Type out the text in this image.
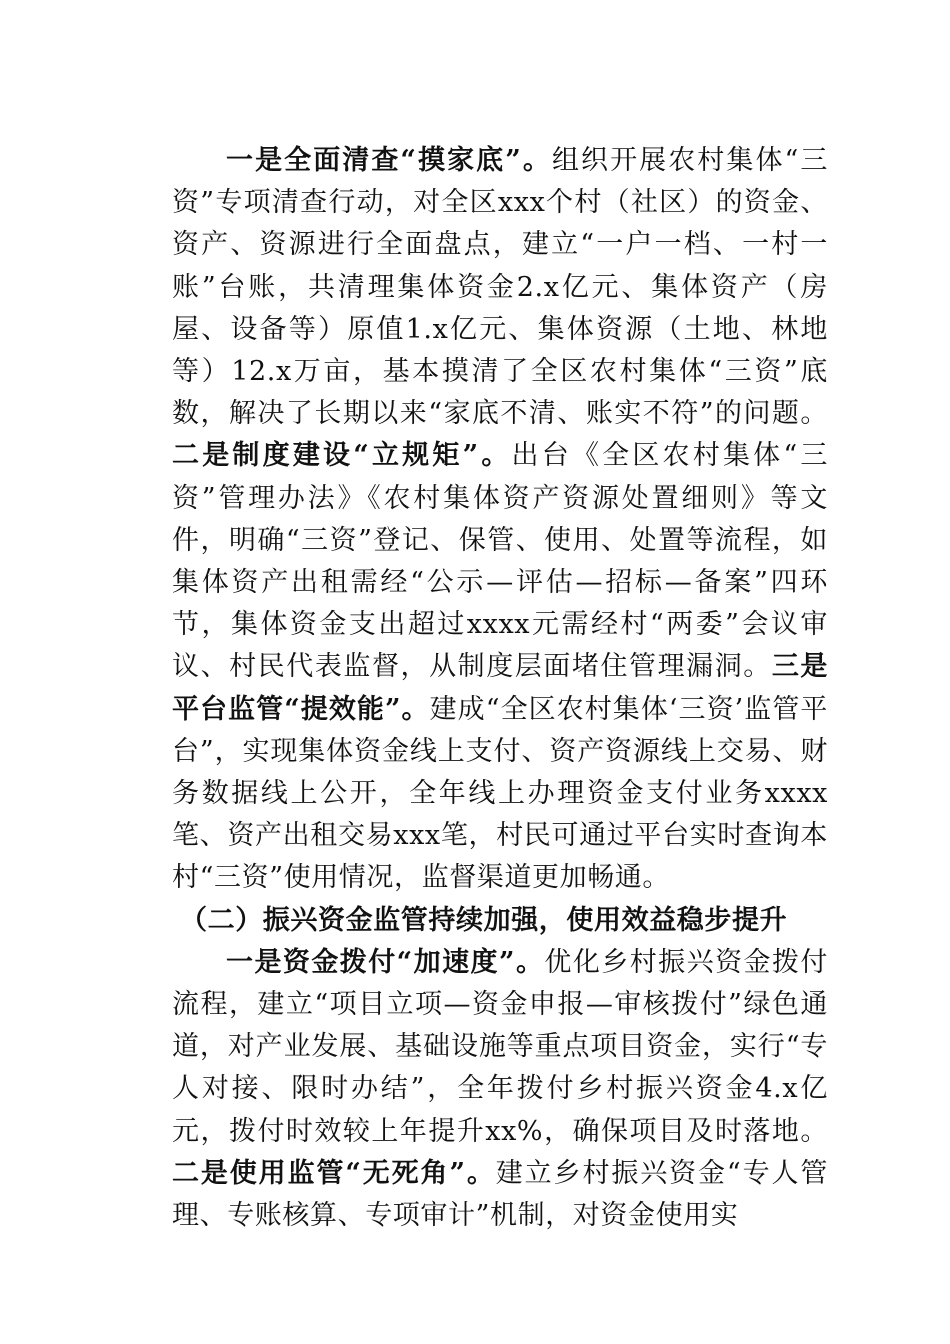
一是全面清查“摸家底”。组织开展农村集体“三资”专项清查行动，对全区xxx个村（社区）的资金、资产、资源进行全面盘点，建立“一户一档、一村一账”台账，共清理集体资金2.x亿元、集体资产（房屋、设备等）原值1.x亿元、集体资源（土地、林地等）12.x万亩，基本摸清了全区农村集体“三资”底数，解决了长期以来“家底不清、账实不符”的问题。二是制度建设“立规矩”。出台《全区农村集体“三资”管理办法》《农村集体资产资源处置细则》等文件，明确“三资”登记、保管、使用、处置等流程，如集体资产出租需经“公示—评估—招标—备案”四环节，集体资金支出超过xxxx元需经村“两委”会议审议、村民代表监督，从制度层面堵住管理漏洞。三是平台监管“提效能”。建成“全区农村集体‘三资’监管平台”，实现集体资金线上支付、资产资源线上交易、财务数据线上公开，全年线上办理资金支付业务xxxx笔、资产出租交易xxx笔，村民可通过平台实时查询本村“三资”使用情况，监督渠道更加畅通。

（二）振兴资金监管持续加强，使用效益稳步提升

一是资金拨付“加速度”。优化乡村振兴资金拨付流程，建立“项目立项—资金申报—审核拨付”绿色通道，对产业发展、基础设施等重点项目资金，实行“专人对接、限时办结”，全年拨付乡村振兴资金4.x亿元，拨付时效较上年提升xx%，确保项目及时落地。二是使用监管“无死角”。建立乡村振兴资金“专人管理、专账核算、专项审计”机制，对资金使用实
